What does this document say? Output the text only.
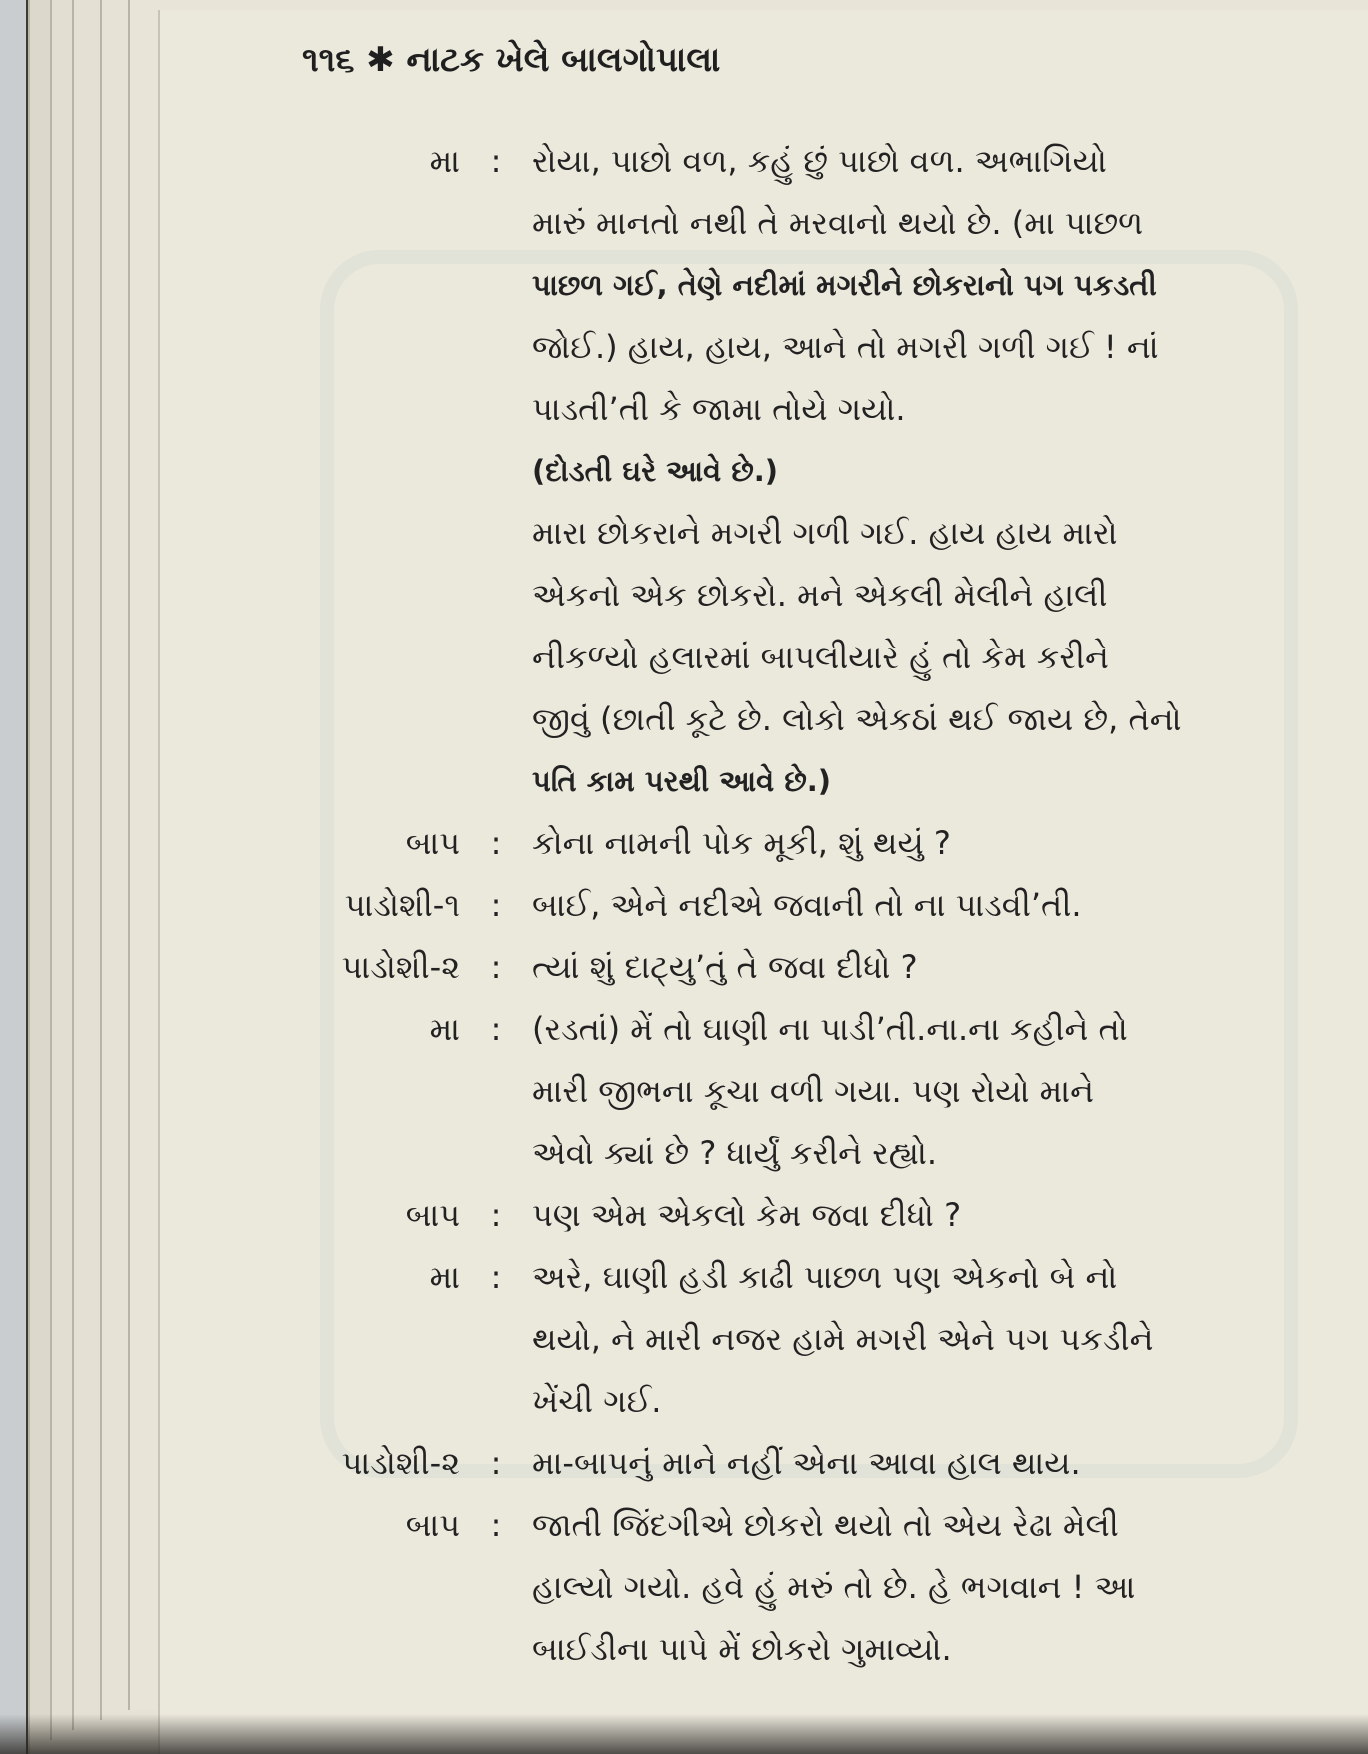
૧૧૬ ✱ નાટક ખેલે બાલગોપાલા
મા : રોયા, પાછો વળ, કહું છું પાછો વળ. અભાગિયો
મારું માનતો નથી તે મરવાનો થયો છે. (મા પાછળ
પાછળ ગઈ, તેણે નદીમાં મગરીને છોકરાનો પગ પકડતી
જોઈ.) હાય, હાય, આને તો મગરી ગળી ગઈ ! નાં
પાડતી’તી કે જામા તોયે ગયો.
(દોડતી ઘરે આવે છે.)
મારા છોકરાને મગરી ગળી ગઈ. હાય હાય મારો
એકનો એક છોકરો. મને એકલી મેલીને હાલી
નીકળ્યો હલારમાં બાપલીયારે હું તો કેમ કરીને
જીવું (છાતી કૂટે છે. લોકો એકઠાં થઈ જાય છે, તેનો
પતિ કામ પરથી આવે છે.)
બાપ : કોના નામની પોક મૂકી, શું થયું ?
પાડોશી-૧ : બાઈ, એને નદીએ જવાની તો ના પાડવી’તી.
પાડોશી-૨ : ત્યાં શું દાટ્યુ’તું તે જવા દીધો ?
મા : (રડતાં) મેં તો ઘાણી ના પાડી’તી.ના.ના કહીને તો
મારી જીભના કૂચા વળી ગયા. પણ રોયો માને
એવો ક્યાં છે ? ધાર્યું કરીને રહ્યો.
બાપ : પણ એમ એકલો કેમ જવા દીધો ?
મા : અરે, ઘાણી હડી કાઢી પાછળ પણ એકનો બે નો
થયો, ને મારી નજર હામે મગરી એને પગ પકડીને
ખેંચી ગઈ.
પાડોશી-૨ : મા-બાપનું માને નહીં એના આવા હાલ થાય.
બાપ : જાતી જિંદગીએ છોકરો થયો તો એય રેઢા મેલી
હાલ્યો ગયો. હવે હું મરું તો છે. હે ભગવાન ! આ
બાઈડીના પાપે મેં છોકરો ગુમાવ્યો.
